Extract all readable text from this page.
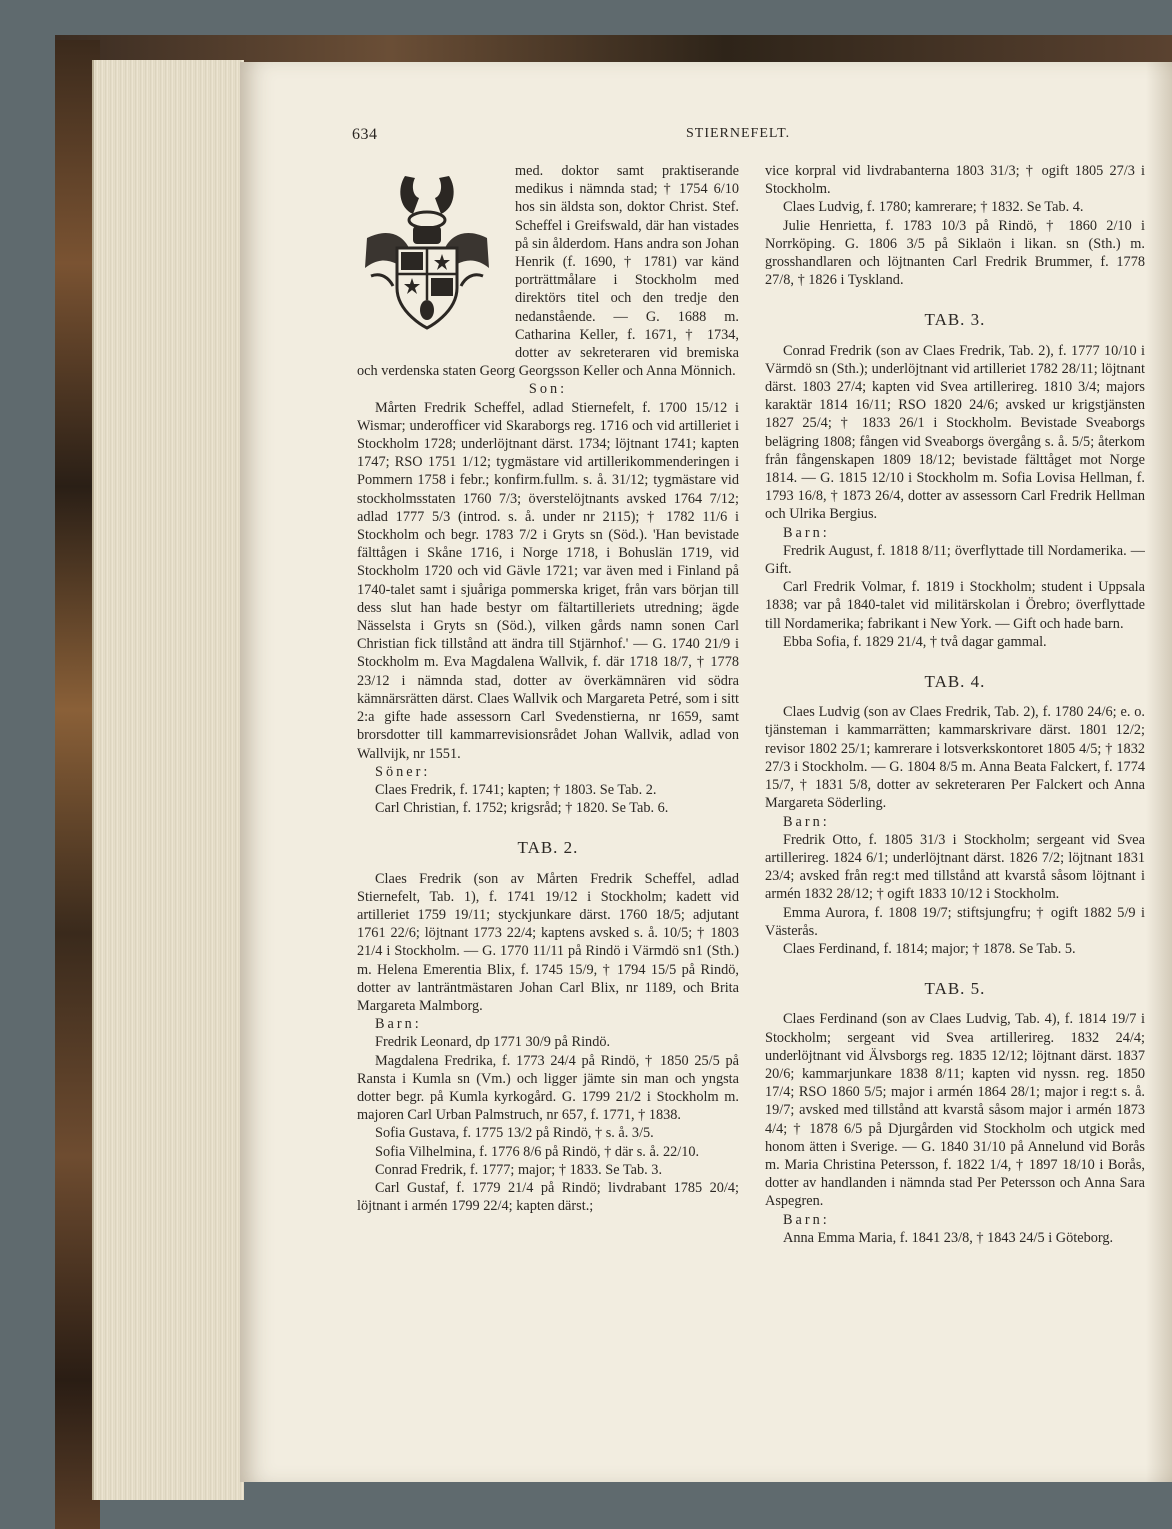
634	STIERNEFELT.

med. doktor samt praktiserande medikus i nämnda stad; † 1754 6/10 hos sin äldsta son, doktor Christ. Stef. Scheffel i Greifswald, där han vistades på sin ålderdom. Hans andra son Johan Henrik (f. 1690, † 1781) var känd porträttmålare i Stockholm med direktörs titel och den tredje den nedanstående. — G. 1688 m. Catharina Keller, f. 1671, † 1734, dotter av sekreteraren vid bremiska och verdenska staten Georg Georgsson Keller och Anna Mönnich.

Son:

Mårten Fredrik Scheffel, adlad Stiernefelt, f. 1700 15/12 i Wismar; underofficer vid Skaraborgs reg. 1716 och vid artilleriet i Stockholm 1728; underlöjtnant därst. 1734; löjtnant 1741; kapten 1747; RSO 1751 1/12; tygmästare vid artillerikommenderingen i Pommern 1758 i febr.; konfirm.fullm. s. å. 31/12; tygmästare vid stockholmsstaten 1760 7/3; överstelöjtnants avsked 1764 7/12; adlad 1777 5/3 (introd. s. å. under nr 2115); † 1782 11/6 i Stockholm och begr. 1783 7/2 i Gryts sn (Söd.). 'Han bevistade fälttågen i Skåne 1716, i Norge 1718, i Bohuslän 1719, vid Stockholm 1720 och vid Gävle 1721; var även med i Finland på 1740-talet samt i sjuåriga pommerska kriget, från vars början till dess slut han hade bestyr om fältartilleriets utredning; ägde Nässelsta i Gryts sn (Söd.), vilken gårds namn sonen Carl Christian fick tillstånd att ändra till Stjärnhof.' — G. 1740 21/9 i Stockholm m. Eva Magdalena Wallvik, f. där 1718 18/7, † 1778 23/12 i nämnda stad, dotter av överkämnären vid södra kämnärsrätten därst. Claes Wallvik och Margareta Petré, som i sitt 2:a gifte hade assessorn Carl Svedenstierna, nr 1659, samt brorsdotter till kammarrevisionsrådet Johan Wallvik, adlad von Wallvijk, nr 1551.

Söner:

Claes Fredrik, f. 1741; kapten; † 1803. Se Tab. 2.

Carl Christian, f. 1752; krigsråd; † 1820. Se Tab. 6.

TAB. 2.

Claes Fredrik (son av Mårten Fredrik Scheffel, adlad Stiernefelt, Tab. 1), f. 1741 19/12 i Stockholm; kadett vid artilleriet 1759 19/11; styckjunkare därst. 1760 18/5; adjutant 1761 22/6; löjtnant 1773 22/4; kaptens avsked s. å. 10/5; † 1803 21/4 i Stockholm. — G. 1770 11/11 på Rindö i Värmdö sn1 (Sth.) m. Helena Emerentia Blix, f. 1745 15/9, † 1794 15/5 på Rindö, dotter av lanträntmästaren Johan Carl Blix, nr 1189, och Brita Margareta Malmborg.

Barn:

Fredrik Leonard, dp 1771 30/9 på Rindö.

Magdalena Fredrika, f. 1773 24/4 på Rindö, † 1850 25/5 på Ransta i Kumla sn (Vm.) och ligger jämte sin man och yngsta dotter begr. på Kumla kyrkogård. G. 1799 21/2 i Stockholm m. majoren Carl Urban Palmstruch, nr 657, f. 1771, † 1838.

Sofia Gustava, f. 1775 13/2 på Rindö, † s. å. 3/5.

Sofia Vilhelmina, f. 1776 8/6 på Rindö, † där s. å. 22/10.

Conrad Fredrik, f. 1777; major; † 1833. Se Tab. 3.

Carl Gustaf, f. 1779 21/4 på Rindö; livdrabant 1785 20/4; löjtnant i armén 1799 22/4; kapten därst.;

vice korpral vid livdrabanterna 1803 31/3; † ogift 1805 27/3 i Stockholm.

Claes Ludvig, f. 1780; kamrerare; † 1832. Se Tab. 4.

Julie Henrietta, f. 1783 10/3 på Rindö, † 1860 2/10 i Norrköping. G. 1806 3/5 på Siklaön i likan. sn (Sth.) m. grosshandlaren och löjtnanten Carl Fredrik Brummer, f. 1778 27/8, † 1826 i Tyskland.

TAB. 3.

Conrad Fredrik (son av Claes Fredrik, Tab. 2), f. 1777 10/10 i Värmdö sn (Sth.); underlöjtnant vid artilleriet 1782 28/11; löjtnant därst. 1803 27/4; kapten vid Svea artillerireg. 1810 3/4; majors karaktär 1814 16/11; RSO 1820 24/6; avsked ur krigstjänsten 1827 25/4; † 1833 26/1 i Stockholm. Bevistade Sveaborgs belägring 1808; fången vid Sveaborgs övergång s. å. 5/5; återkom från fångenskapen 1809 18/12; bevistade fälttåget mot Norge 1814. — G. 1815 12/10 i Stockholm m. Sofia Lovisa Hellman, f. 1793 16/8, † 1873 26/4, dotter av assessorn Carl Fredrik Hellman och Ulrika Bergius.

Barn:

Fredrik August, f. 1818 8/11; överflyttade till Nordamerika. — Gift.

Carl Fredrik Volmar, f. 1819 i Stockholm; student i Uppsala 1838; var på 1840-talet vid militärskolan i Örebro; överflyttade till Nordamerika; fabrikant i New York. — Gift och hade barn.

Ebba Sofia, f. 1829 21/4, † två dagar gammal.

TAB. 4.

Claes Ludvig (son av Claes Fredrik, Tab. 2), f. 1780 24/6; e. o. tjänsteman i kammarrätten; kammarskrivare därst. 1801 12/2; revisor 1802 25/1; kamrerare i lotsverkskontoret 1805 4/5; † 1832 27/3 i Stockholm. — G. 1804 8/5 m. Anna Beata Falckert, f. 1774 15/7, † 1831 5/8, dotter av sekreteraren Per Falckert och Anna Margareta Söderling.

Barn:

Fredrik Otto, f. 1805 31/3 i Stockholm; sergeant vid Svea artillerireg. 1824 6/1; underlöjtnant därst. 1826 7/2; löjtnant 1831 23/4; avsked från reg:t med tillstånd att kvarstå såsom löjtnant i armén 1832 28/12; † ogift 1833 10/12 i Stockholm.

Emma Aurora, f. 1808 19/7; stiftsjungfru; † ogift 1882 5/9 i Västerås.

Claes Ferdinand, f. 1814; major; † 1878. Se Tab. 5.

TAB. 5.

Claes Ferdinand (son av Claes Ludvig, Tab. 4), f. 1814 19/7 i Stockholm; sergeant vid Svea artillerireg. 1832 24/4; underlöjtnant vid Älvsborgs reg. 1835 12/12; löjtnant därst. 1837 20/6; kammarjunkare 1838 8/11; kapten vid nyssn. reg. 1850 17/4; RSO 1860 5/5; major i armén 1864 28/1; major i reg:t s. å. 19/7; avsked med tillstånd att kvarstå såsom major i armén 1873 4/4; † 1878 6/5 på Djurgården vid Stockholm och utgick med honom ätten i Sverige. — G. 1840 31/10 på Annelund vid Borås m. Maria Christina Petersson, f. 1822 1/4, † 1897 18/10 i Borås, dotter av handlanden i nämnda stad Per Petersson och Anna Sara Aspegren.

Barn:

Anna Emma Maria, f. 1841 23/8, † 1843 24/5 i Göteborg.
